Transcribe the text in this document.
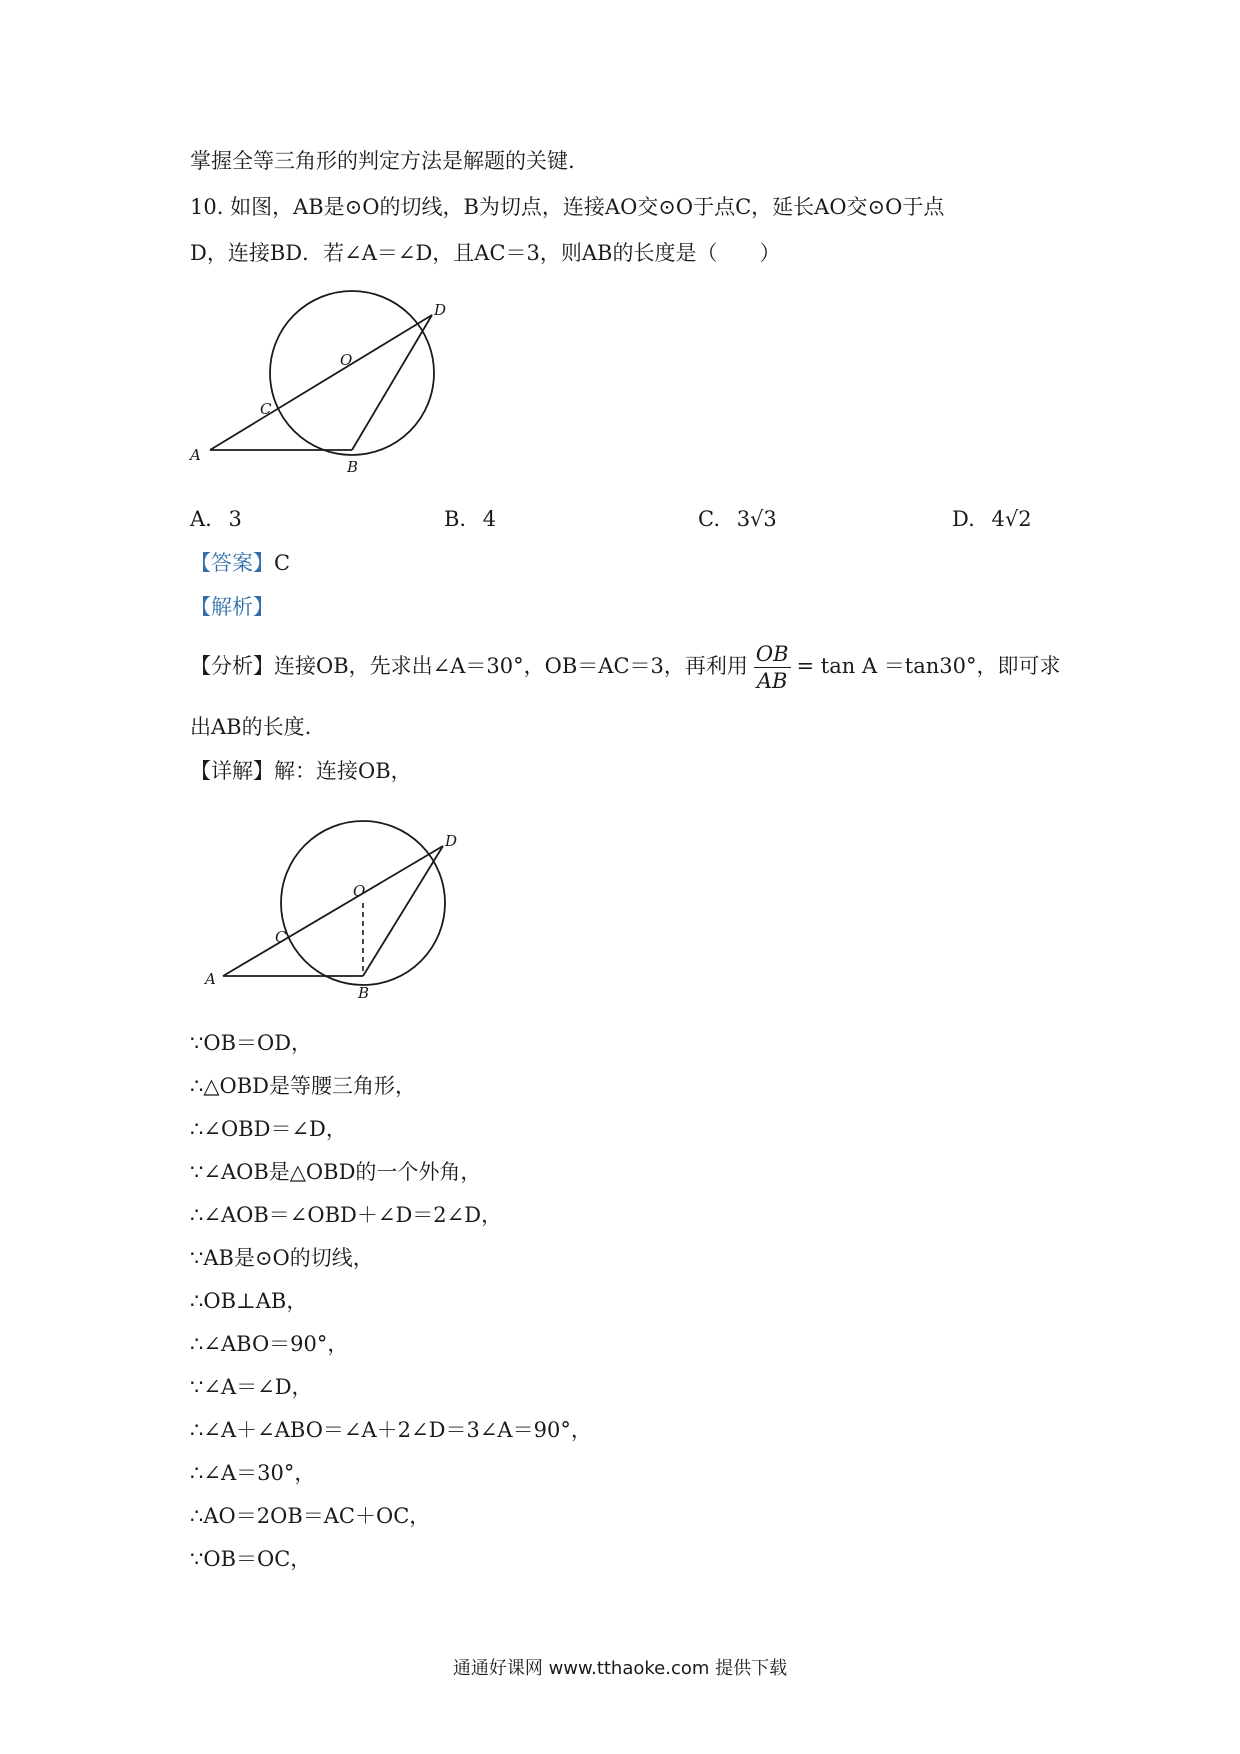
掌握全等三角形的判定方法是解题的关键.
10. 如图，AB是⊙O的切线，B为切点，连接AO交⊙O于点C，延长AO交⊙O于点
D，连接BD．若∠A＝∠D，且AC＝3，则AB的长度是（　　）
A
B
C
D
O
A. 3	B. 4	C. 3√3	D. 4√2
【答案】C
【解析】
【分析】连接OB，先求出∠A＝30°，OB＝AC＝3，再利用 $\frac{OB}{AB} = \tan A =\tan 30^\circ$，即可求
出AB的长度.
【详解】解：连接OB，
A
B
C
D
O
∵OB＝OD，
∴△OBD是等腰三角形，
∴∠OBD＝∠D，
∵∠AOB是△OBD的一个外角，
∴∠AOB＝∠OBD＋∠D＝2∠D，
∵AB是⊙O的切线，
∴OB⊥AB，
∴∠ABO＝90°，
∵∠A＝∠D，
∴∠A＋∠ABO＝∠A＋2∠D＝3∠A＝90°，
∴∠A＝30°，
∴AO＝2OB＝AC＋OC，
∵OB＝OC，
通通好课网 www.tthaoke.com 提供下载
